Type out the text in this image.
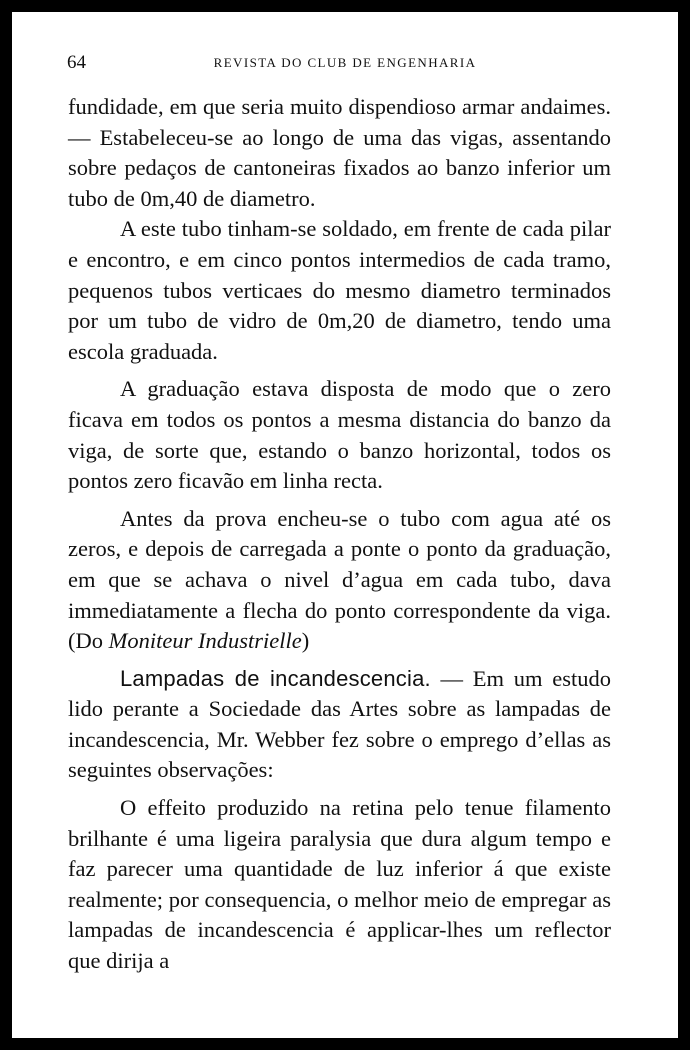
64	REVISTA DO CLUB DE ENGENHARIA

fundidade, em que seria muito dispendioso armar andaimes.— Estabeleceu-se ao longo de uma das vigas, assentando sobre pedaços de cantoneiras fixados ao banzo inferior um tubo de 0m,40 de diametro.

A este tubo tinham-se soldado, em frente de cada pilar e encontro, e em cinco pontos intermedios de cada tramo, pequenos tubos verticaes do mesmo diametro terminados por um tubo de vidro de 0m,20 de diametro, tendo uma escola graduada.

A graduação estava disposta de modo que o zero ficava em todos os pontos a mesma distancia do banzo da viga, de sorte que, estando o banzo horizontal, todos os pontos zero ficavão em linha recta.

Antes da prova encheu-se o tubo com agua até os zeros, e depois de carregada a ponte o ponto da graduação, em que se achava o nivel d’agua em cada tubo, dava immediatamente a flecha do ponto correspondente da viga. (Do Moniteur Industrielle)

Lampadas de incandescencia. — Em um estudo lido perante a Sociedade das Artes sobre as lampadas de incandescencia, Mr. Webber fez sobre o emprego d’ellas as seguintes observações:

O effeito produzido na retina pelo tenue filamento brilhante é uma ligeira paralysia que dura algum tempo e faz parecer uma quantidade de luz inferior á que existe realmente; por consequencia, o melhor meio de empregar as lampadas de incandescencia é applicar-lhes um reflector que dirija a
